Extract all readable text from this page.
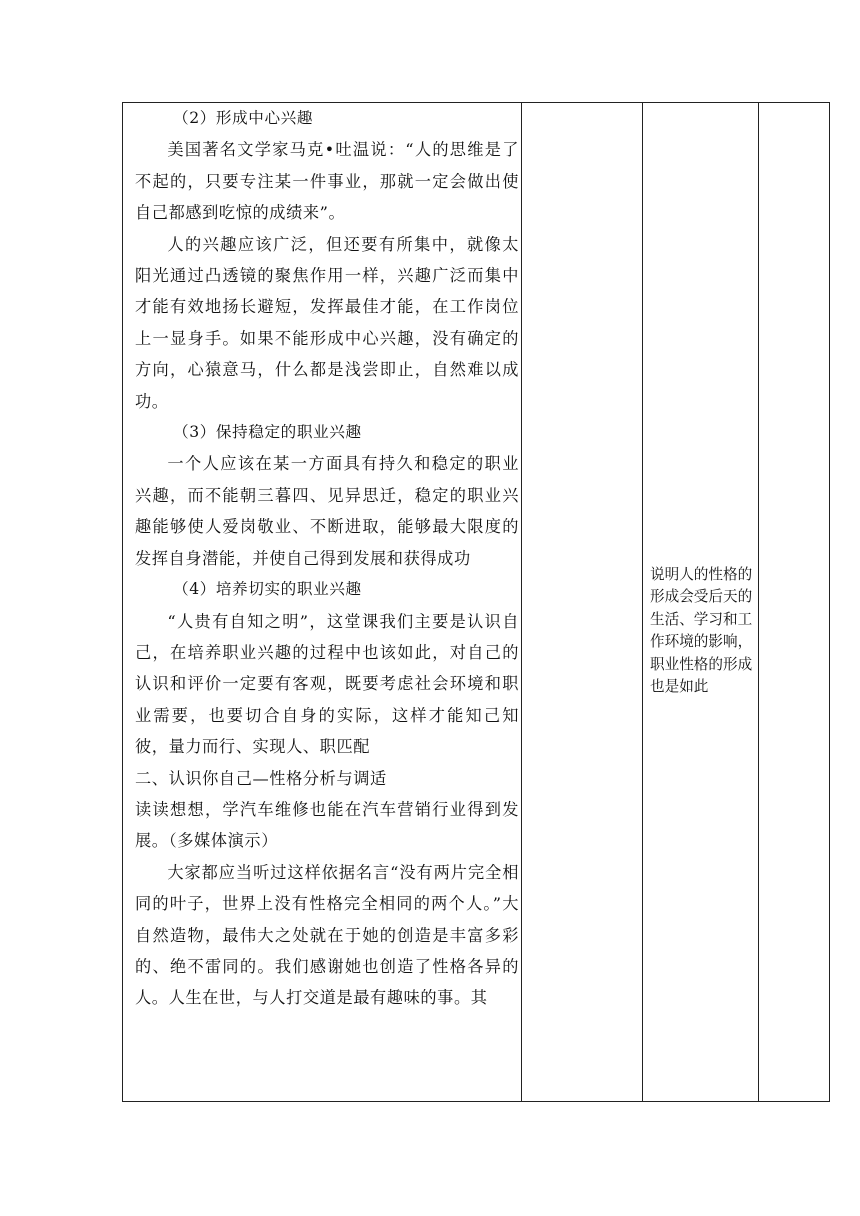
（2）形成中心兴趣

美国著名文学家马克•吐温说：“人的思维是了不起的，只要专注某一件事业，那就一定会做出使自己都感到吃惊的成绩来”。

人的兴趣应该广泛，但还要有所集中，就像太阳光通过凸透镜的聚焦作用一样，兴趣广泛而集中才能有效地扬长避短，发挥最佳才能，在工作岗位上一显身手。如果不能形成中心兴趣，没有确定的方向，心猿意马，什么都是浅尝即止，自然难以成功。

（3）保持稳定的职业兴趣

一个人应该在某一方面具有持久和稳定的职业兴趣，而不能朝三暮四、见异思迁，稳定的职业兴趣能够使人爱岗敬业、不断进取，能够最大限度的发挥自身潜能，并使自己得到发展和获得成功

（4）培养切实的职业兴趣

“人贵有自知之明”，这堂课我们主要是认识自己，在培养职业兴趣的过程中也该如此，对自己的认识和评价一定要有客观，既要考虑社会环境和职业需要，也要切合自身的实际，这样才能知己知彼，量力而行、实现人、职匹配

二、认识你自己—性格分析与调适

读读想想，学汽车维修也能在汽车营销行业得到发展。（多媒体演示）

大家都应当听过这样依据名言“没有两片完全相同的叶子，世界上没有性格完全相同的两个人。”大自然造物，最伟大之处就在于她的创造是丰富多彩的、绝不雷同的。我们感谢她也创造了性格各异的人。人生在世，与人打交道是最有趣味的事。其

说明人的性格的形成会受后天的生活、学习和工作环境的影响，职业性格的形成也是如此
